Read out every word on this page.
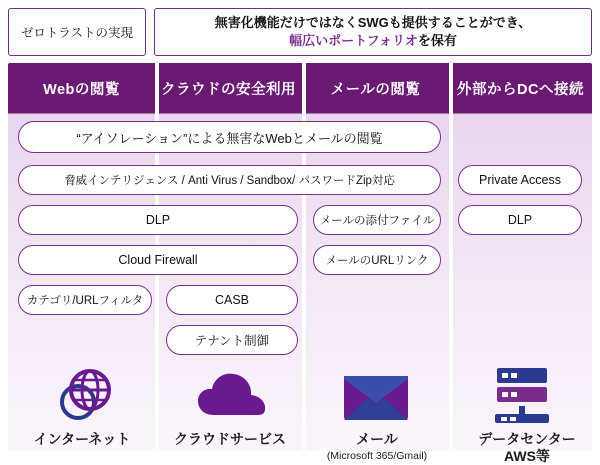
ゼロトラストの実現
無害化機能だけではなくSWGも提供することができ、
幅広いポートフォリオを保有
Webの閲覧	クラウドの安全利用	メールの閲覧	外部からDCへ接続
“アイソレーション”による無害なWebとメールの閲覧
脅威インテリジェンス / Anti Virus / Sandbox/ パスワードZip対応
DLP
Cloud Firewall
カテゴリ/URLフィルタ	CASB
テナント制御
メールの添付ファイル
メールのURLリンク
Private Access
DLP
インターネット	クラウドサービス	メール
(Microsoft 365/Gmail)
データセンター
AWS等
